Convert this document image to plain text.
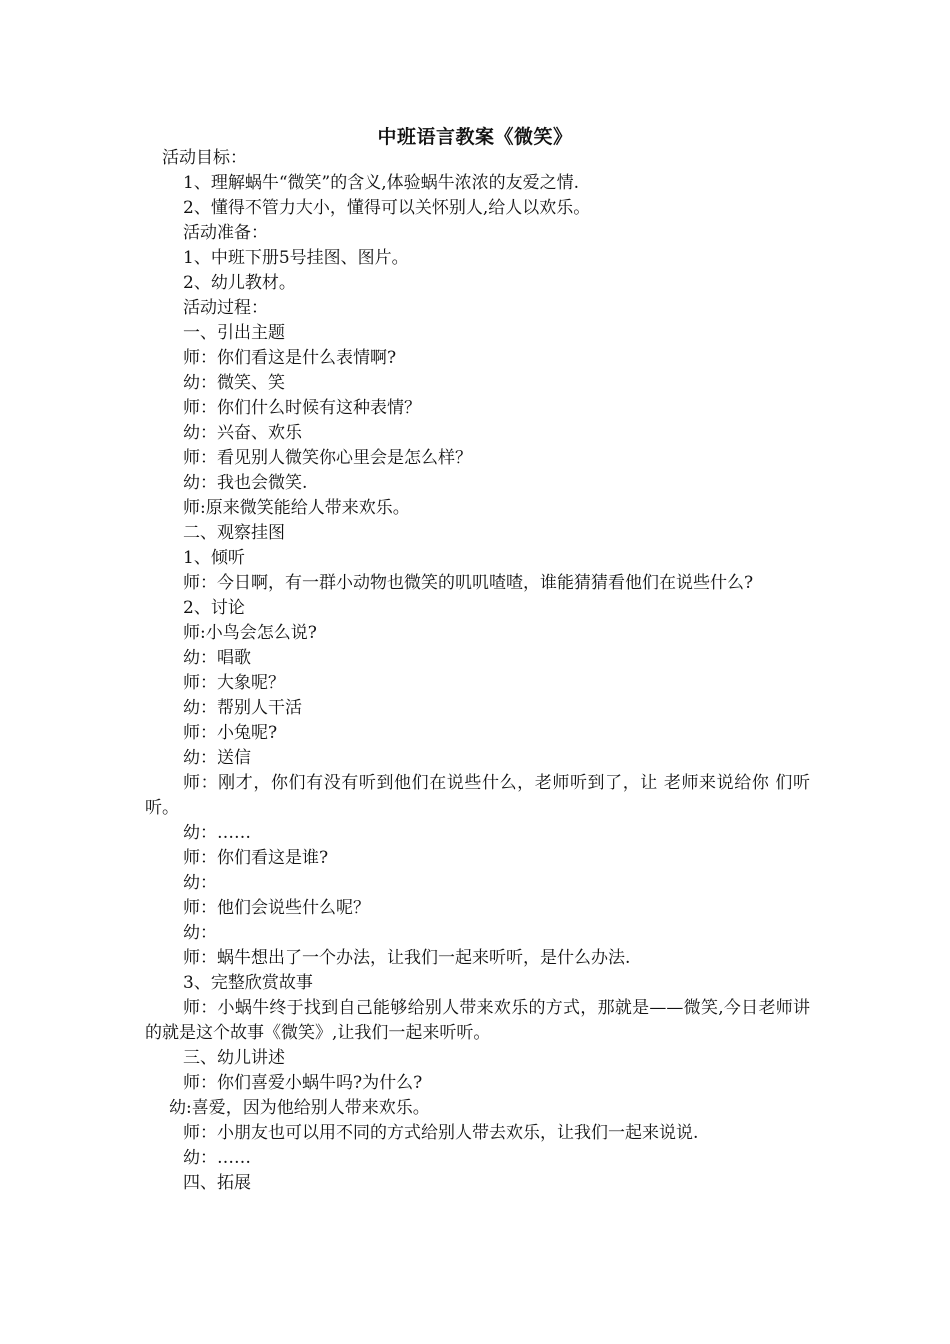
中班语言教案《微笑》

活动目标：

1、理解蜗牛“微笑”的含义,体验蜗牛浓浓的友爱之情.

2、懂得不管力大小，懂得可以关怀别人,给人以欢乐。

活动准备：

1、中班下册5号挂图、图片。

2、幼儿教材。

活动过程：

一、引出主题

师：你们看这是什么表情啊?

幼：微笑、笑

师：你们什么时候有这种表情？

幼：兴奋、欢乐

师：看见别人微笑你心里会是怎么样？

幼：我也会微笑.

师:原来微笑能给人带来欢乐。

二、观察挂图

1、倾听

师：今日啊，有一群小动物也微笑的叽叽喳喳，谁能猜猜看他们在说些什么?

2、讨论

师:小鸟会怎么说?

幼：唱歌

师：大象呢？

幼：帮别人干活

师：小兔呢?

幼：送信

师：刚才，你们有没有听到他们在说些什么，老师听到了，让 老师来说给你 们听听。

幼：……

师：你们看这是谁?

幼：

师：他们会说些什么呢？

幼：

师：蜗牛想出了一个办法，让我们一起来听听，是什么办法.

3、完整欣赏故事

师：小蜗牛终于找到自己能够给别人带来欢乐的方式，那就是——微笑,今日老师讲的就是这个故事《微笑》,让我们一起来听听。

三、幼儿讲述

师：你们喜爱小蜗牛吗?为什么?

幼:喜爱，因为他给别人带来欢乐。

师：小朋友也可以用不同的方式给别人带去欢乐，让我们一起来说说.

幼：……

四、拓展
